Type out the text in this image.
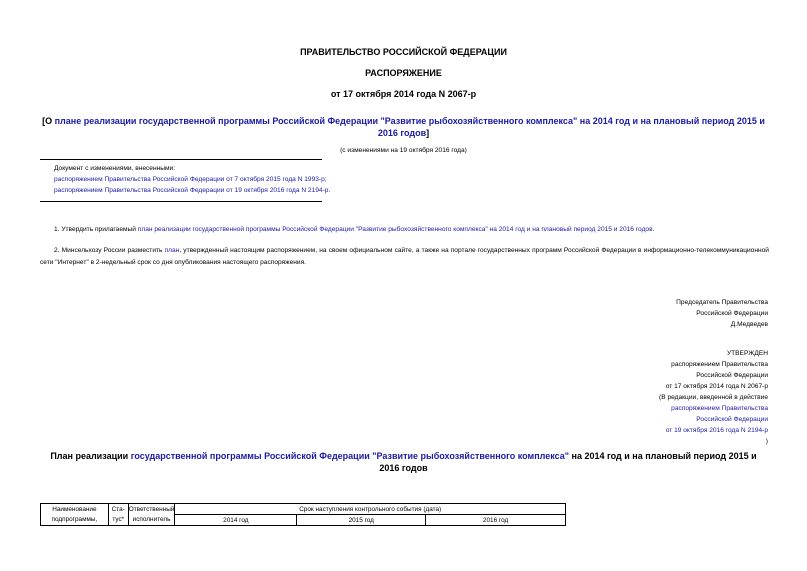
ПРАВИТЕЛЬСТВО РОССИЙСКОЙ ФЕДЕРАЦИИ
РАСПОРЯЖЕНИЕ
от 17 октября 2014 года N 2067-р
[О плане реализации государственной программы Российской Федерации "Развитие рыбохозяйственного комплекса" на 2014 год и на плановый период 2015 и 2016 годов]
(с изменениями на 19 октября 2016 года)
Документ с изменениями, внесенными:
распоряжением Правительства Российской Федерации от 7 октября 2015 года N 1993-р;
распоряжением Правительства Российской Федерации от 19 октября 2016 года N 2194-р.
1. Утвердить прилагаемый план реализации государственной программы Российской Федерации "Развитие рыбохозяйственного комплекса" на 2014 год и на плановый период 2015 и 2016 годов.
2. Минсельхозу России разместить план, утвержденный настоящим распоряжением, на своем официальном сайте, а также на портале государственных программ Российской Федерации в информационно-телекоммуникационной сети "Интернет" в 2-недельный срок со дня опубликования настоящего распоряжения.
Председатель Правительства
Российской Федерации
Д.Медведев
УТВЕРЖДЕН
распоряжением Правительства
Российской Федерации
от 17 октября 2014 года N 2067-р
(В редакции, введенной в действие
распоряжением Правительства
Российской Федерации
от 19 октября 2016 года N 2194-р
)
План реализации государственной программы Российской Федерации "Развитие рыбохозяйственного комплекса" на 2014 год и на плановый период 2015 и 2016 годов
Наименование	Ста-	Ответственный	Срок наступления контрольного события (дата)		
подпрограммы,	тус*	исполнитель	2014 год	2015 год	2016 год
